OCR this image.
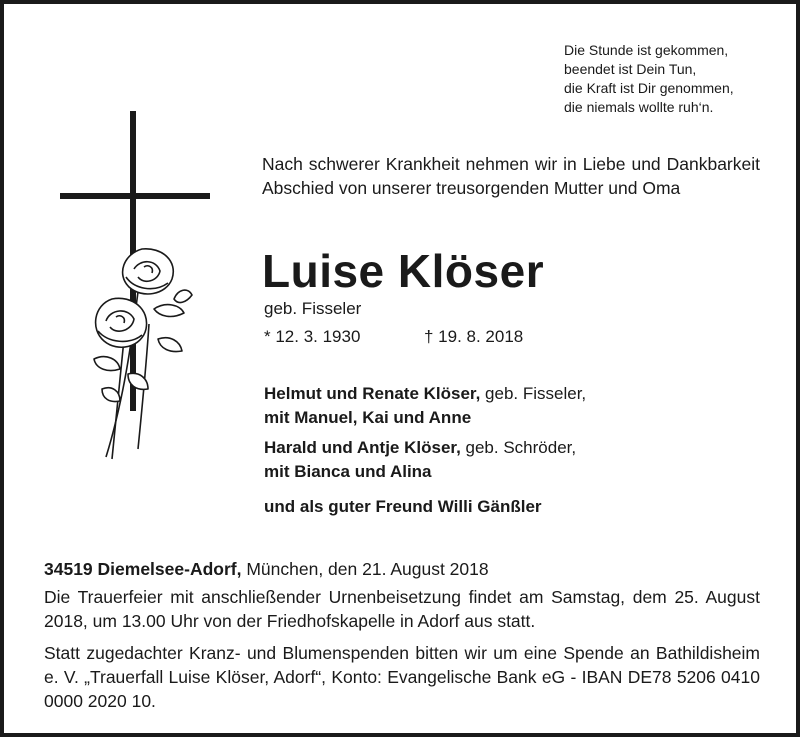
Die Stunde ist gekommen,
beendet ist Dein Tun,
die Kraft ist Dir genommen,
die niemals wollte ruh‘n.
Nach schwerer Krankheit nehmen wir in Liebe und Dankbarkeit Abschied von unserer treusorgenden Mutter und Oma
Luise Klöser
geb. Fisseler
* 12. 3. 1930	† 19. 8. 2018
Helmut und Renate Klöser, geb. Fisseler,
mit Manuel, Kai und Anne
Harald und Antje Klöser, geb. Schröder,
mit Bianca und Alina
und als guter Freund Willi Gänßler

34519 Diemelsee-Adorf, München, den 21. August 2018

Die Trauerfeier mit anschließender Urnenbeisetzung findet am Samstag, dem 25. August 2018, um 13.00 Uhr von der Friedhofskapelle in Adorf aus statt.

Statt zugedachter Kranz- und Blumenspenden bitten wir um eine Spende an Bathildisheim e. V. „Trauerfall Luise Klöser, Adorf“, Konto: Evangelische Bank eG - IBAN DE78 5206 0410 0000 2020 10.
